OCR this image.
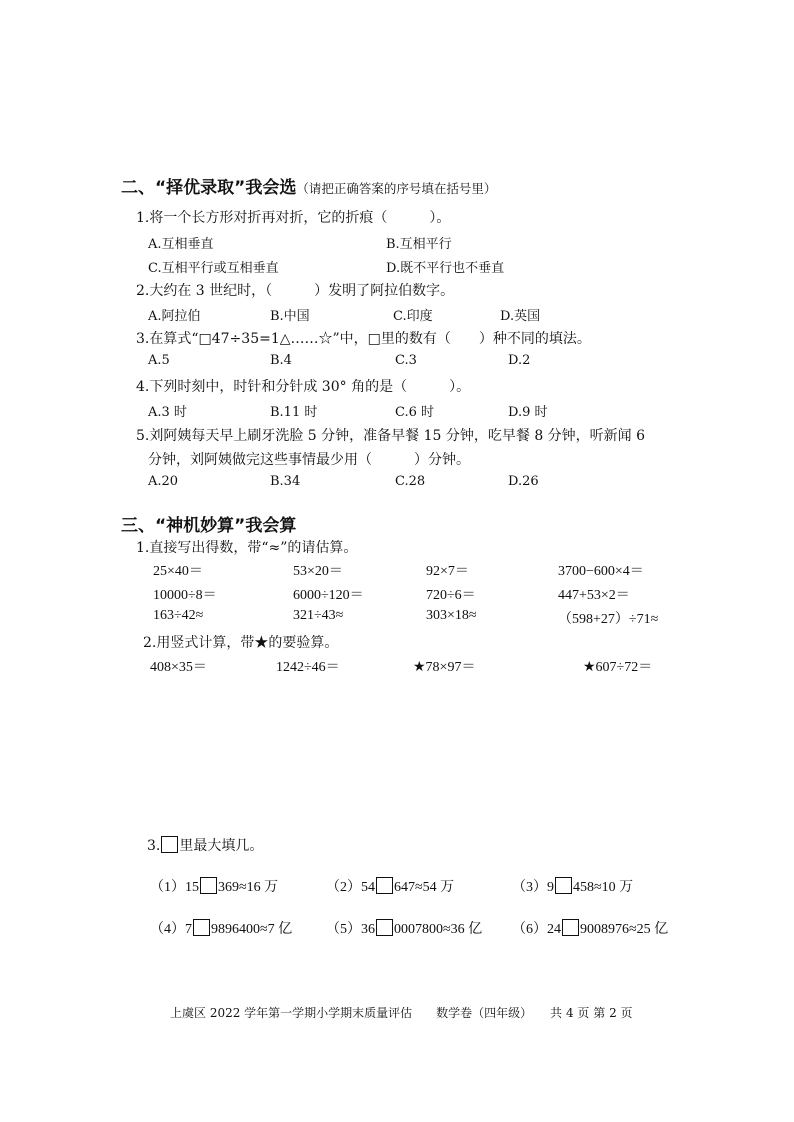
二、“择优录取”我会选（请把正确答案的序号填在括号里）
1.将一个长方形对折再对折，它的折痕（　　　）。
A.互相垂直	B.互相平行
C.互相平行或互相垂直	D.既不平行也不垂直
2.大约在 3 世纪时，（　　　）发明了阿拉伯数字。
A.阿拉伯	B.中国	C.印度	D.英国
3.在算式“□47÷35=1△……☆”中，□里的数有（　　）种不同的填法。
A.5	B.4	C.3	D.2
4.下列时刻中，时针和分针成 30° 角的是（　　　）。
A.3 时	B.11 时	C.6 时	D.9 时
5.刘阿姨每天早上刷牙洗脸 5 分钟，准备早餐 15 分钟，吃早餐 8 分钟，听新闻 6
分钟，刘阿姨做完这些事情最少用（　　　）分钟。
A.20	B.34	C.28	D.26
三、“神机妙算”我会算
1.直接写出得数，带“≈”的请估算。
25×40＝	53×20＝	92×7＝	3700−600×4＝
10000÷8＝	6000÷120＝	720÷6＝	447+53×2＝
163÷42≈	321÷43≈	303×18≈	（598+27）÷71≈
2.用竖式计算，带★的要验算。
408×35＝	1242÷46＝	★78×97＝	★607÷72＝
3. 里最大填几。
（1）15 369≈16 万	（2）54 647≈54 万	（3）9 458≈10 万
（4）7 9896400≈7 亿 （5）36 0007800≈36 亿 （6）24 9008976≈25 亿
上虞区 2022 学年第一学期小学期末质量评估　　数学卷（四年级）　　共 4 页 第 2 页
